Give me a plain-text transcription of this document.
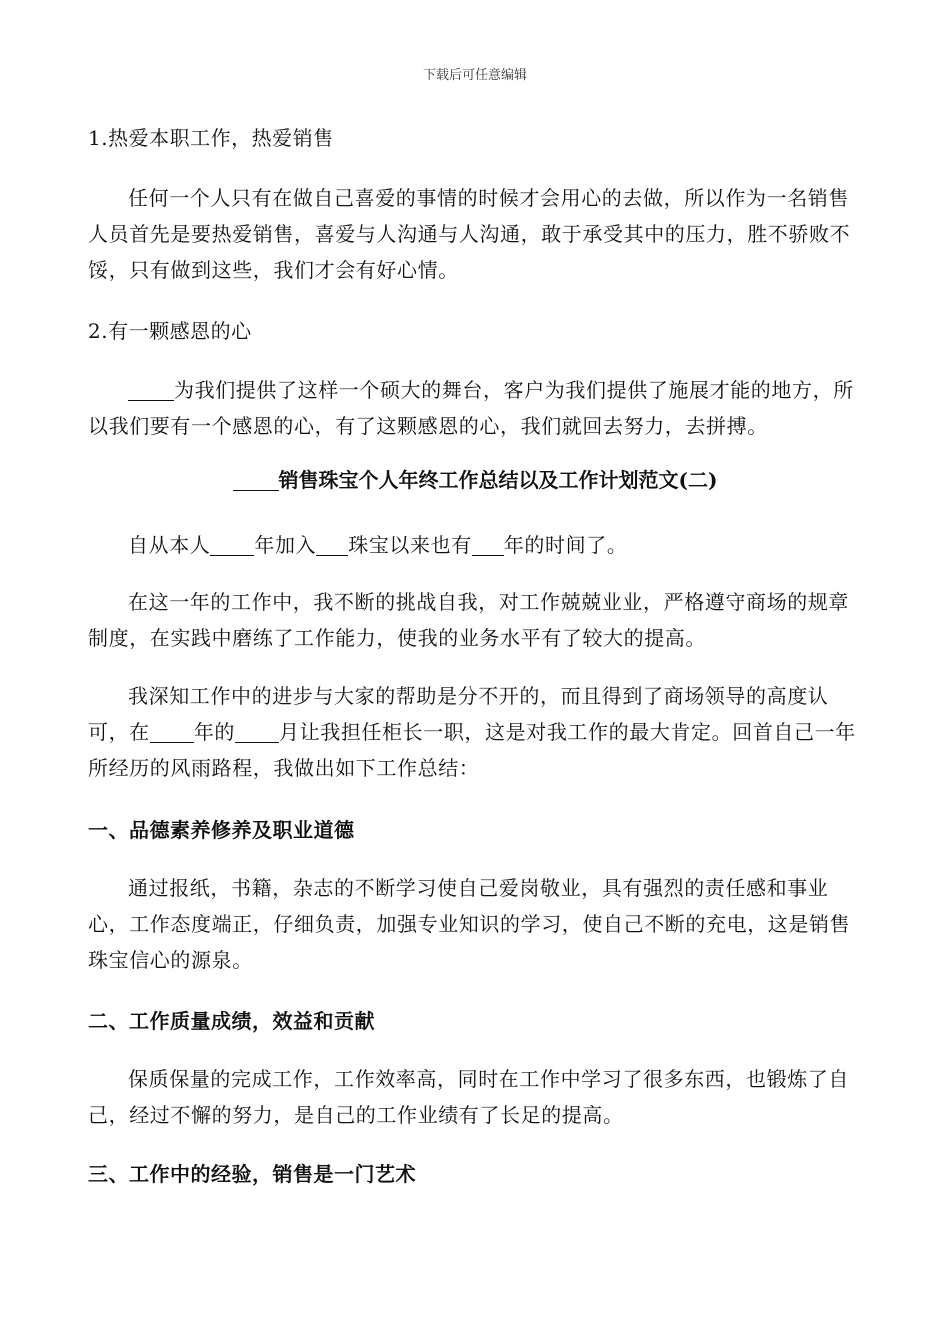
下载后可任意编辑
1.热爱本职工作，热爱销售
任何一个人只有在做自己喜爱的事情的时候才会用心的去做，所以作为一名销售人员首先是要热爱销售，喜爱与人沟通与人沟通，敢于承受其中的压力，胜不骄败不馁，只有做到这些，我们才会有好心情。
2.有一颗感恩的心
为我们提供了这样一个硕大的舞台，客户为我们提供了施展才能的地方，所以我们要有一个感恩的心，有了这颗感恩的心，我们就回去努力，去拼搏。
销售珠宝个人年终工作总结以及工作计划范文(二)
自从本人 年加入 珠宝以来也有 年的时间了。
在这一年的工作中，我不断的挑战自我，对工作兢兢业业，严格遵守商场的规章制度，在实践中磨练了工作能力，使我的业务水平有了较大的提高。
我深知工作中的进步与大家的帮助是分不开的，而且得到了商场领导的高度认可，在 年的 月让我担任柜长一职，这是对我工作的最大肯定。回首自己一年所经历的风雨路程，我做出如下工作总结：
一、品德素养修养及职业道德
通过报纸，书籍，杂志的不断学习使自己爱岗敬业，具有强烈的责任感和事业心，工作态度端正，仔细负责，加强专业知识的学习，使自己不断的充电，这是销售珠宝信心的源泉。
二、工作质量成绩，效益和贡献
保质保量的完成工作，工作效率高，同时在工作中学习了很多东西，也锻炼了自己，经过不懈的努力，是自己的工作业绩有了长足的提高。
三、工作中的经验，销售是一门艺术
